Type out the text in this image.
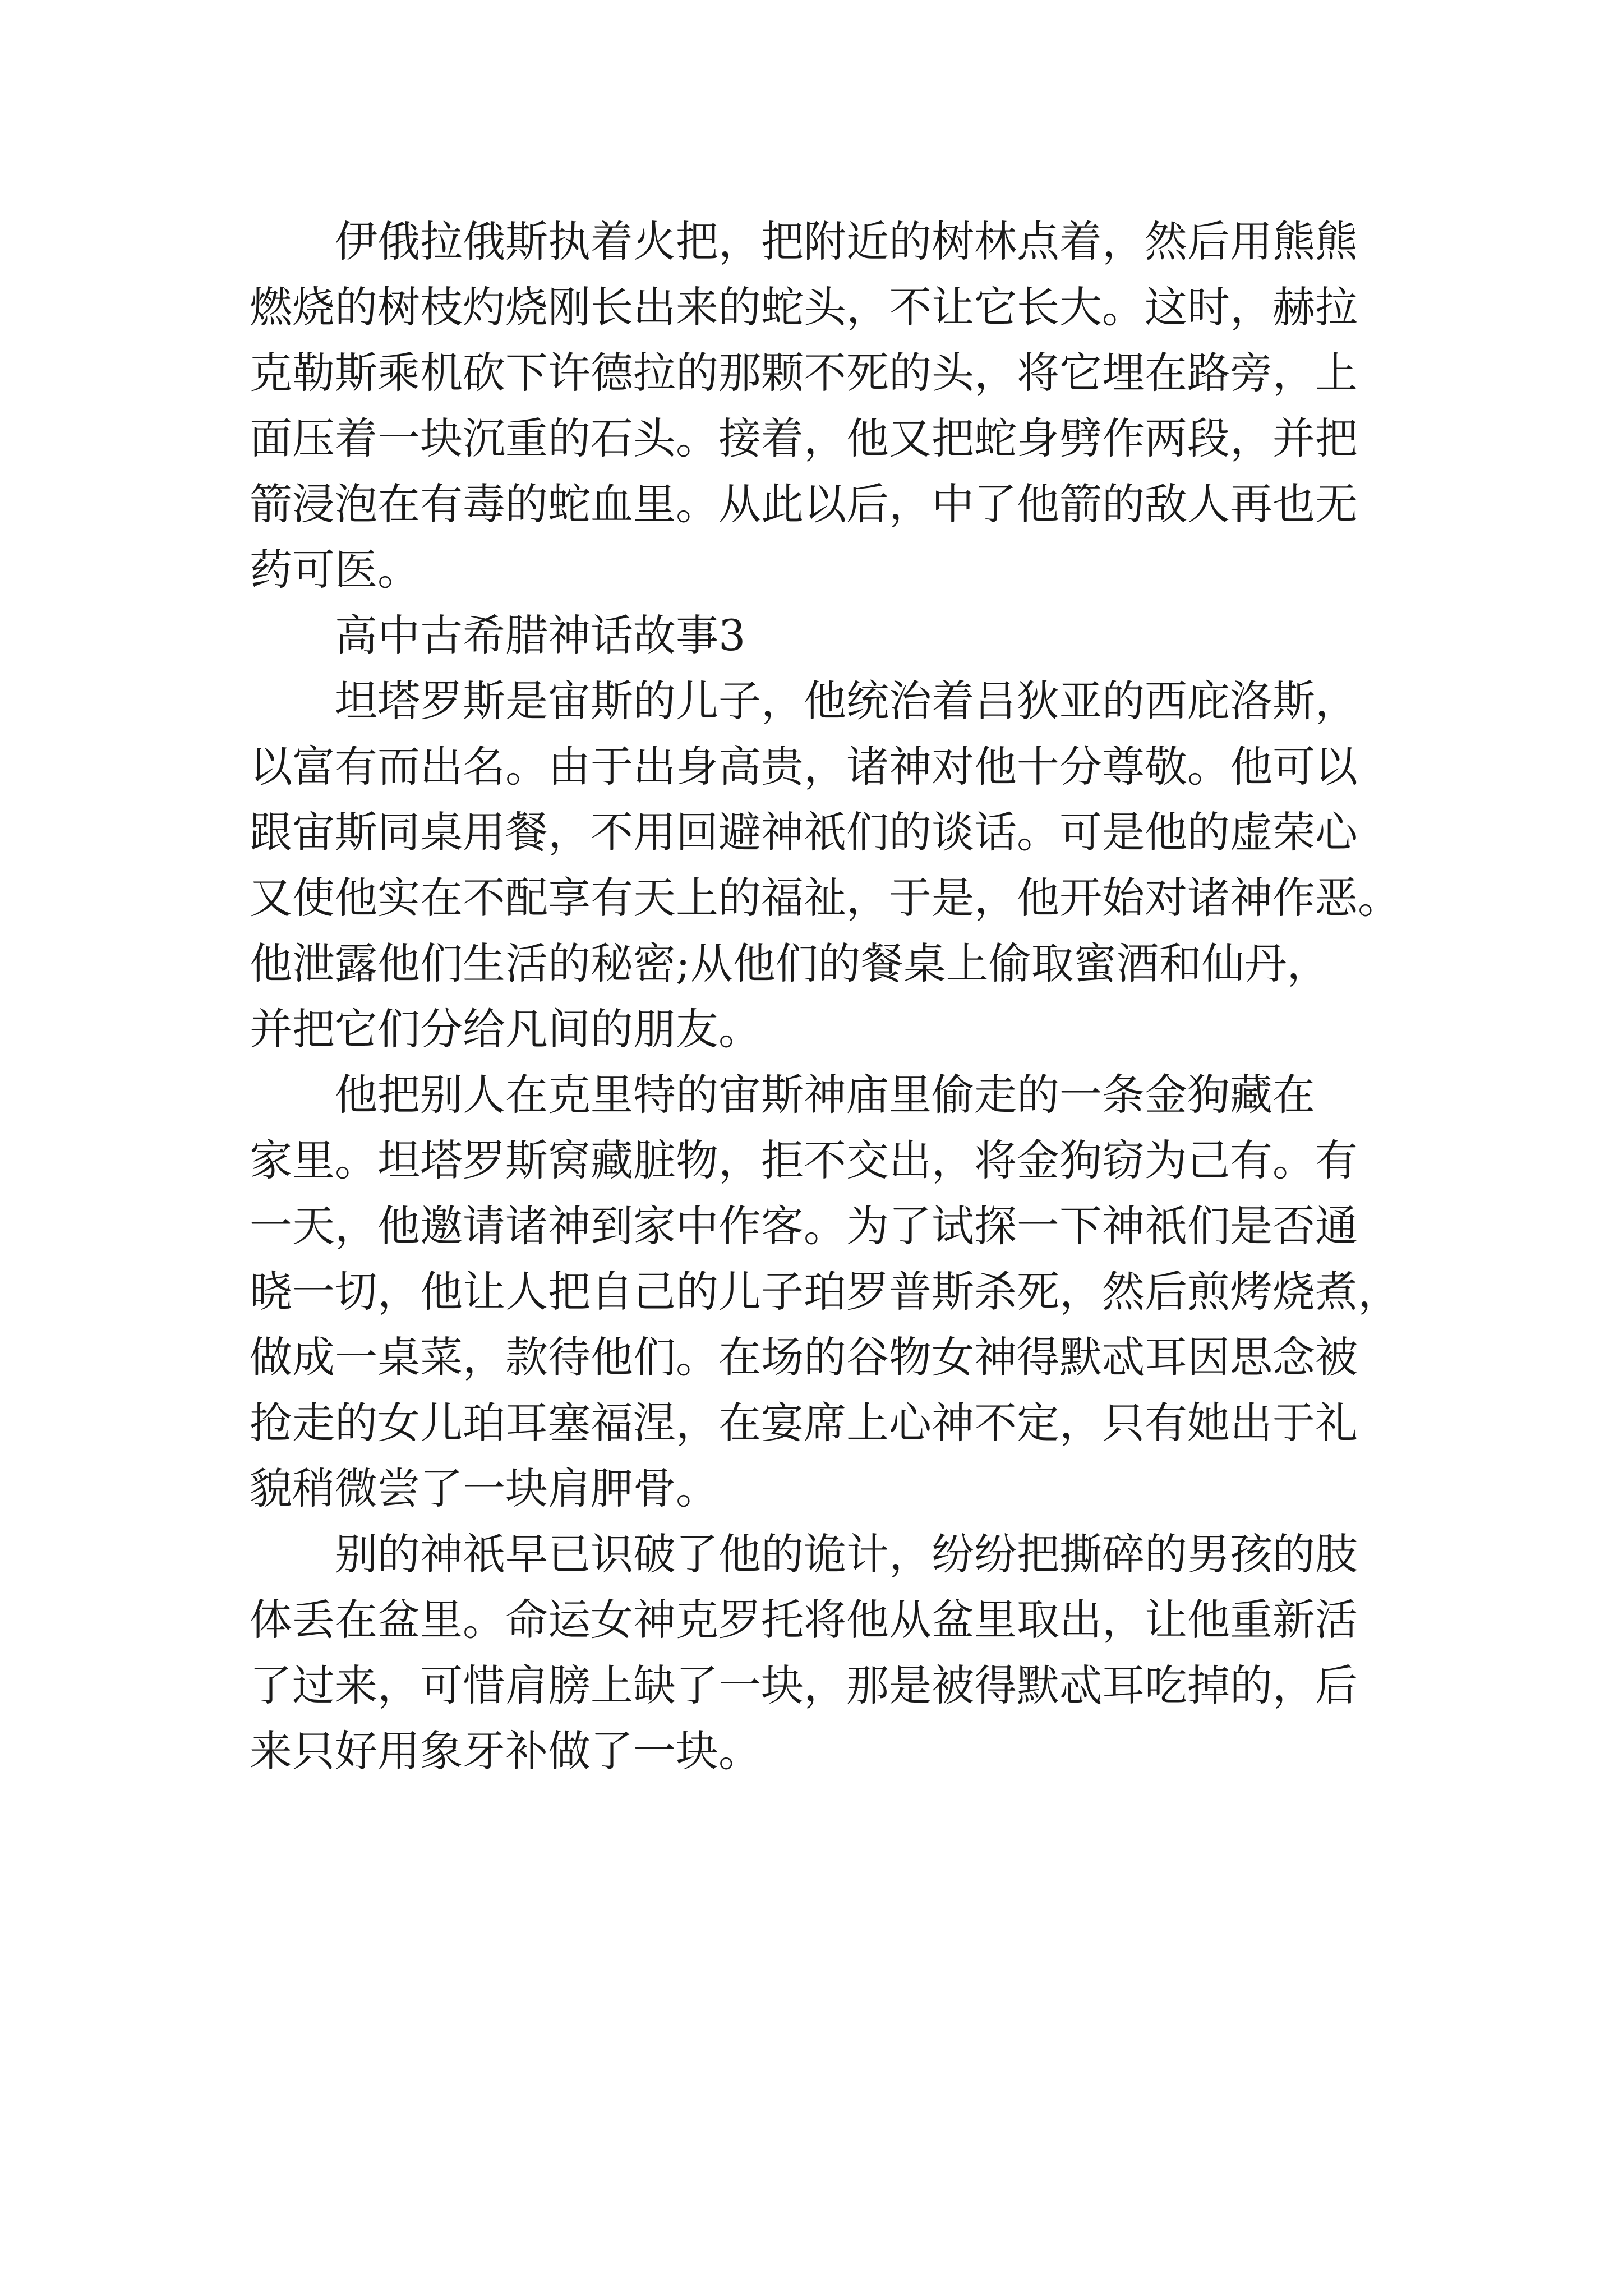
　　伊俄拉俄斯执着火把，把附近的树林点着，然后用熊熊
燃烧的树枝灼烧刚长出来的蛇头，不让它长大。这时，赫拉
克勒斯乘机砍下许德拉的那颗不死的头，将它埋在路旁，上
面压着一块沉重的石头。接着，他又把蛇身劈作两段，并把
箭浸泡在有毒的蛇血里。从此以后，中了他箭的敌人再也无
药可医。
　　高中古希腊神话故事3
　　坦塔罗斯是宙斯的儿子，他统治着吕狄亚的西庇洛斯，
以富有而出名。由于出身高贵，诸神对他十分尊敬。他可以
跟宙斯同桌用餐，不用回避神祇们的谈话。可是他的虚荣心
又使他实在不配享有天上的福祉，于是，他开始对诸神作恶。
他泄露他们生活的秘密;从他们的餐桌上偷取蜜酒和仙丹，
并把它们分给凡间的朋友。
　　他把别人在克里特的宙斯神庙里偷走的一条金狗藏在
家里。坦塔罗斯窝藏脏物，拒不交出，将金狗窃为己有。有
一天，他邀请诸神到家中作客。为了试探一下神祇们是否通
晓一切，他让人把自己的儿子珀罗普斯杀死，然后煎烤烧煮，
做成一桌菜，款待他们。在场的谷物女神得默忒耳因思念被
抢走的女儿珀耳塞福涅，在宴席上心神不定，只有她出于礼
貌稍微尝了一块肩胛骨。
　　别的神祇早已识破了他的诡计，纷纷把撕碎的男孩的肢
体丢在盆里。命运女神克罗托将他从盆里取出，让他重新活
了过来，可惜肩膀上缺了一块，那是被得默忒耳吃掉的，后
来只好用象牙补做了一块。
